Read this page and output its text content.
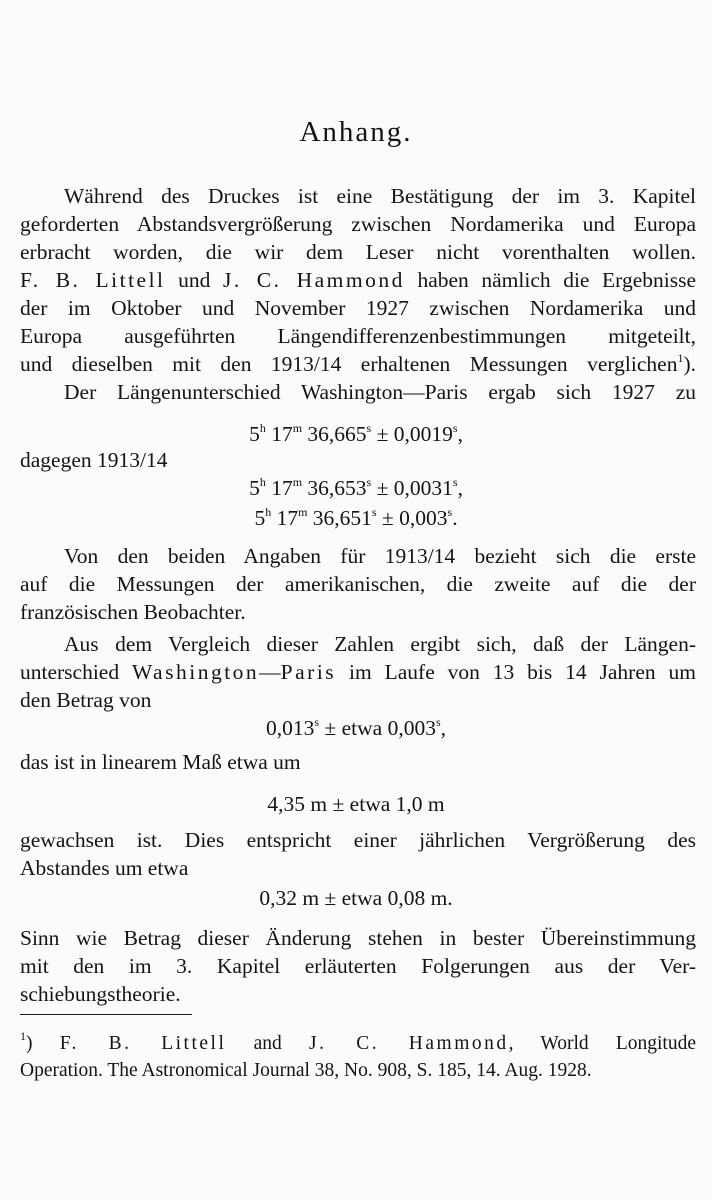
Anhang.
Während des Druckes ist eine Bestätigung der im 3. Kapitel
geforderten Abstandsvergrößerung zwischen Nordamerika und Europa
erbracht worden, die wir dem Leser nicht vorenthalten wollen.
F. B. Littell und J. C. Hammond haben nämlich die Ergebnisse
der im Oktober und November 1927 zwischen Nordamerika und
Europa ausgeführten Längendifferenzenbestimmungen mitgeteilt,
und dieselben mit den 1913/14 erhaltenen Messungen verglichen$^1$).
Der Längenunterschied Washington—Paris ergab sich 1927 zu
5$^h$ 17$^m$ $36,665^s \pm 0,0019^s$,
dagegen 1913/14
5$^h$ 17$^m$ $36,653^s \pm 0,0031^s$,
5$^h$ 17$^m$ $36,651^s \pm 0,003^s$.
Von den beiden Angaben für 1913/14 bezieht sich die erste
auf die Messungen der amerikanischen, die zweite auf die der
französischen Beobachter.
Aus dem Vergleich dieser Zahlen ergibt sich, daß der Längen-
unterschied Washington—Paris im Laufe von 13 bis 14 Jahren um
den Betrag von
$0,013^s$ ± etwa 0,003$^s$,
das ist in linearem Maß etwa um
4,35 m ± etwa 1,0 m
gewachsen ist. Dies entspricht einer jährlichen Vergrößerung des
Abstandes um etwa
0,32 m ± etwa 0,08 m.
Sinn wie Betrag dieser Änderung stehen in bester Übereinstimmung
mit den im 3. Kapitel erläuterten Folgerungen aus der Ver-
schiebungstheorie.
$^1$) F. B. Littell and J. C. Hammond, World Longitude
Operation. The Astronomical Journal 38, No. 908, S. 185, 14. Aug. 1928.
